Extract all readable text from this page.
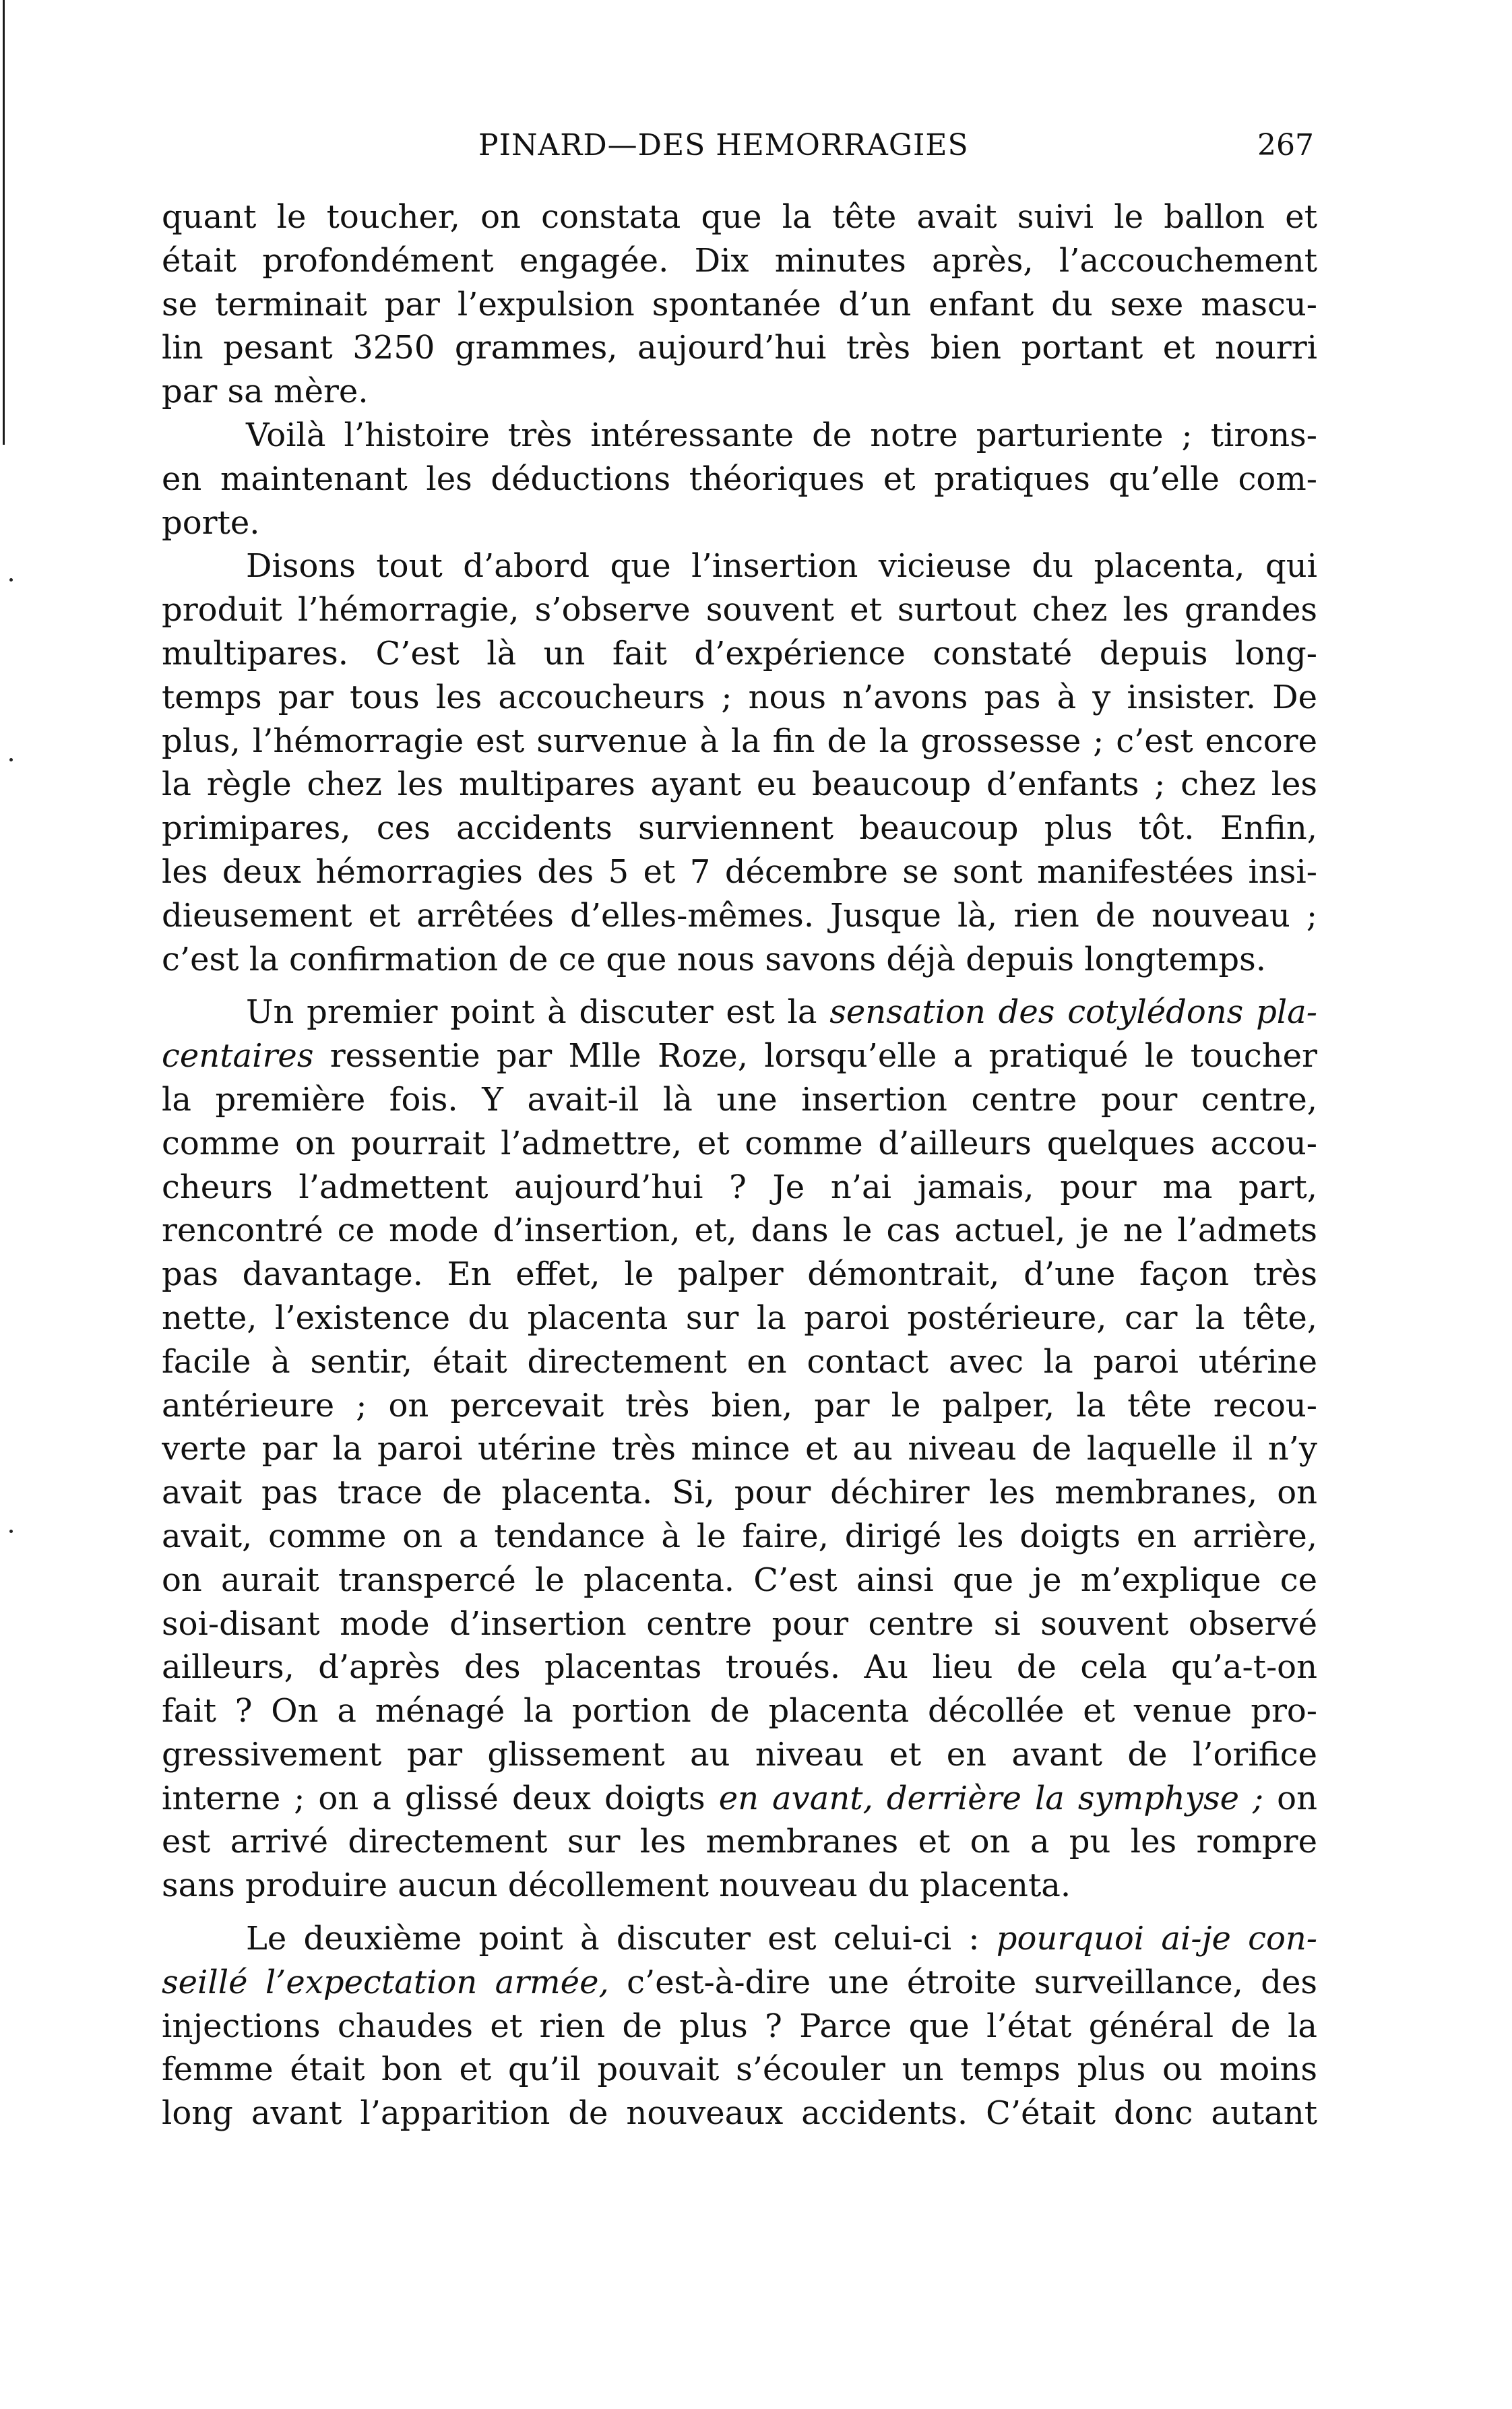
PINARD—DES HEMORRAGIES	267
quant le toucher, on constata que la tête avait suivi le ballon et
était profondément engagée. Dix minutes après, l’accouchement
se terminait par l’expulsion spontanée d’un enfant du sexe mascu-
lin pesant 3250 grammes, aujourd’hui très bien portant et nourri
par sa mère.
Voilà l’histoire très intéressante de notre parturiente ; tirons-
en maintenant les déductions théoriques et pratiques qu’elle com-
porte.
Disons tout d’abord que l’insertion vicieuse du placenta, qui
produit l’hémorragie, s’observe souvent et surtout chez les grandes
multipares. C’est là un fait d’expérience constaté depuis long-
temps par tous les accoucheurs ; nous n’avons pas à y insister. De
plus, l’hémorragie est survenue à la fin de la grossesse ; c’est encore
la règle chez les multipares ayant eu beaucoup d’enfants ; chez les
primipares, ces accidents surviennent beaucoup plus tôt. Enfin,
les deux hémorragies des 5 et 7 décembre se sont manifestées insi-
dieusement et arrêtées d’elles-mêmes. Jusque là, rien de nouveau ;
c’est la confirmation de ce que nous savons déjà depuis longtemps.
Un premier point à discuter est la sensation des cotylédons pla-
centaires ressentie par Mlle Roze, lorsqu’elle a pratiqué le toucher
la première fois. Y avait-il là une insertion centre pour centre,
comme on pourrait l’admettre, et comme d’ailleurs quelques accou-
cheurs l’admettent aujourd’hui ? Je n’ai jamais, pour ma part,
rencontré ce mode d’insertion, et, dans le cas actuel, je ne l’admets
pas davantage. En effet, le palper démontrait, d’une façon très
nette, l’existence du placenta sur la paroi postérieure, car la tête,
facile à sentir, était directement en contact avec la paroi utérine
antérieure ; on percevait très bien, par le palper, la tête recou-
verte par la paroi utérine très mince et au niveau de laquelle il n’y
avait pas trace de placenta. Si, pour déchirer les membranes, on
avait, comme on a tendance à le faire, dirigé les doigts en arrière,
on aurait transpercé le placenta. C’est ainsi que je m’explique ce
soi-disant mode d’insertion centre pour centre si souvent observé
ailleurs, d’après des placentas troués. Au lieu de cela qu’a-t-on
fait ? On a ménagé la portion de placenta décollée et venue pro-
gressivement par glissement au niveau et en avant de l’orifice
interne ; on a glissé deux doigts en avant, derrière la symphyse ; on
est arrivé directement sur les membranes et on a pu les rompre
sans produire aucun décollement nouveau du placenta.
Le deuxième point à discuter est celui-ci : pourquoi ai-je con-
seillé l’expectation armée, c’est-à-dire une étroite surveillance, des
injections chaudes et rien de plus ? Parce que l’état général de la
femme était bon et qu’il pouvait s’écouler un temps plus ou moins
long avant l’apparition de nouveaux accidents. C’était donc autant
